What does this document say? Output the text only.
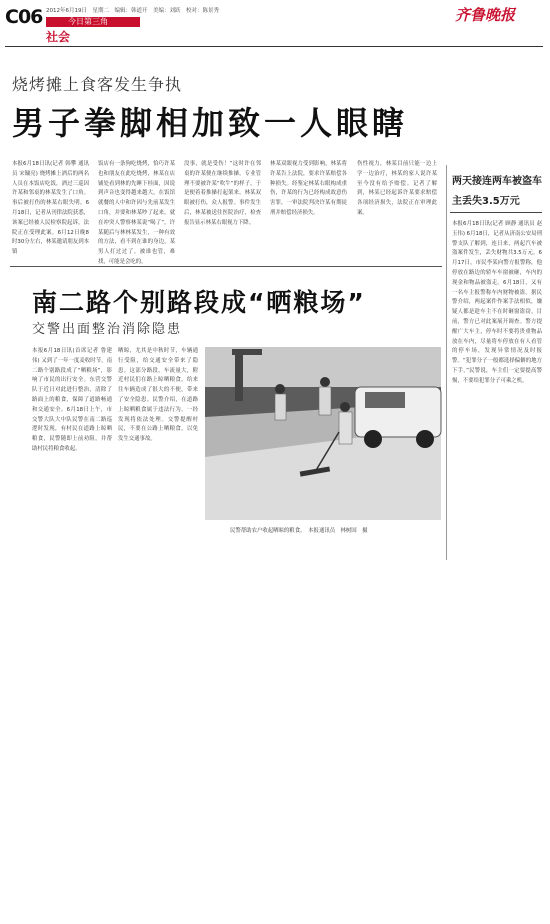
C06 2012年6月19日　星期二　编辑：韩道开　美编：刘跃　校对：陈景秀	齐鲁晚报
今日第三角
社会
烧烤摊上食客发生争执
男子拳脚相加致一人眼瞎
本报6月18日讯(记者 韩攀 通讯员 宋镛亮) 烧烤摊上酒后的两名人员在本饭店吃饭，酒过三巡因许某和邻桌的林某发生了口角。事后被打伤的林某右眼失明。6月18日，记者从刊律法院获悉，该案已经被人民检察院起诉，法院正在受理此案。6月12日晚8时30分左右，林某邀请朋友到本镇
饭店有一条狗吃烧烤，恰巧许某也和朋友在此吃烧烤，林某在店铺处看到林的先睡下桂面，因说到声音也变得越来越大，在饭馆就餐的人中和许因与先前某发生口角，并要和林某吵了起来。就在冲突人警察林某说“喝了”，许某随后与林林某发生，一种有效的方法，看不到在谁的身边，某男人打过过了。被谁也管，难找，可能是会吃的。
没事，就是受伤！”这时许在邻桌的许某便在继续推搡，专业管理不要被许某“吹牛”的样子，于是便着着推搡打起架来，林某双眼被打伤，众人报警。事件发生后，林某被送往医院治疗，检查报告显示林某右眼视力下降。
林某双眼视力受到影响，林某将许某告上法院，要求许某赔偿各种损失。经鉴定林某右眼构成重伤，许某的行为已经构成故意伤害罪。一审法院判决许某有期徒刑并赔偿经济损失。
伤性视力，林某目前只能一边上学一边治疗，林某的家人说许某至今没有给予赔偿。记者了解到，林某已经起诉许某要求赔偿各项经济损失，法院正在审理此案。
两天接连两车被盗车主丢失3.5万元
本报6月18日讯(记者 顾静 通讯员 赵玉伟) 6月18日，记者从济南公安局刑警支队了解到，连日来，两起汽车被盗案件发生，丢失财物共3.5万元。6月17日，市民李某向警方报警称，他停放在路边的轿车车窗被砸，车内的现金和物品被盗走。6月18日，又有一名车主报警称车内财物被盗。据民警介绍，两起案件作案手法相似，嫌疑人都是趁车主不在时砸窗盗窃。目前，警方已对此案展开调查。警方提醒广大车主，停车时不要将贵重物品放在车内，尽量将车停放在有人看管的停车场，发现异常情况及时报警。“犯罪分子一般都选择偏僻的地方下手，”民警说，车主们一定要提高警惕，不要给犯罪分子可乘之机。
南二路个别路段成“晒粮场”
交警出面整治消除隐患
本报6月18日讯(首席记者 鲁建伟) 又到了一年一度麦收时节，南二路个别路段成了“晒粮场”，影响了市民的出行安全。东营交警队于近日对此进行整治，清除了路面上的粮食，保障了道路畅通和交通安全。6月18日上午，市交警大队大中队民警在南二路巡逻时发现，有村民在道路上晾晒粮食，民警随即上前劝阻，并帮助村民将粮食收起。
晒晾，尤其是中秋时节，车辆通行受阻，给交通安全带来了隐患。这部分路段，车流量大，附近村民们在路上晾晒粮食，给来往车辆造成了很大的不便，带来了安全隐患。民警介绍，在道路上晾晒粮食属于违法行为，一经发现将依法处理。交警提醒村民，不要在公路上晒粮食，以免发生交通事故。
民警帮助农户收起晒晾的粮食。　本报通讯员　林树国　摄
